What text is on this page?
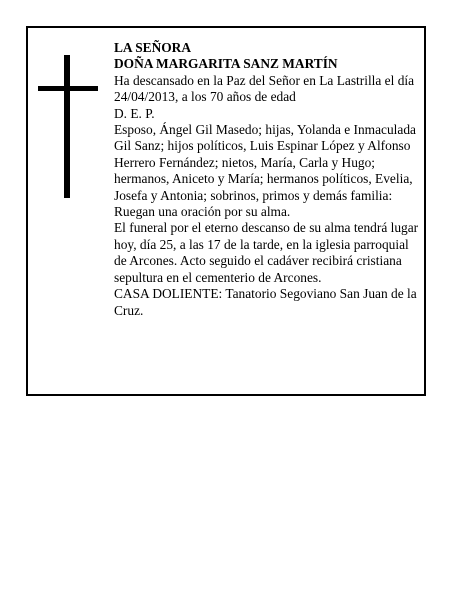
LA SEÑORA

DOÑA MARGARITA SANZ MARTÍN

Ha descansado en la Paz del Señor en La Lastrilla el día 24/04/2013, a los 70 años de edad

D. E. P.

Esposo, Ángel Gil Masedo; hijas, Yolanda e Inmaculada Gil Sanz; hijos políticos, Luis Espinar López y Alfonso Herrero Fernández; nietos, María, Carla y Hugo; hermanos, Aniceto y María; hermanos políticos, Evelia, Josefa y Antonia; sobrinos, primos y demás familia:

Ruegan una oración por su alma.

El funeral por el eterno descanso de su alma tendrá lugar hoy, día 25, a las 17 de la tarde, en la iglesia parroquial de Arcones. Acto seguido el cadáver recibirá cristiana sepultura en el cementerio de Arcones.

CASA DOLIENTE: Tanatorio Segoviano San Juan de la Cruz.
